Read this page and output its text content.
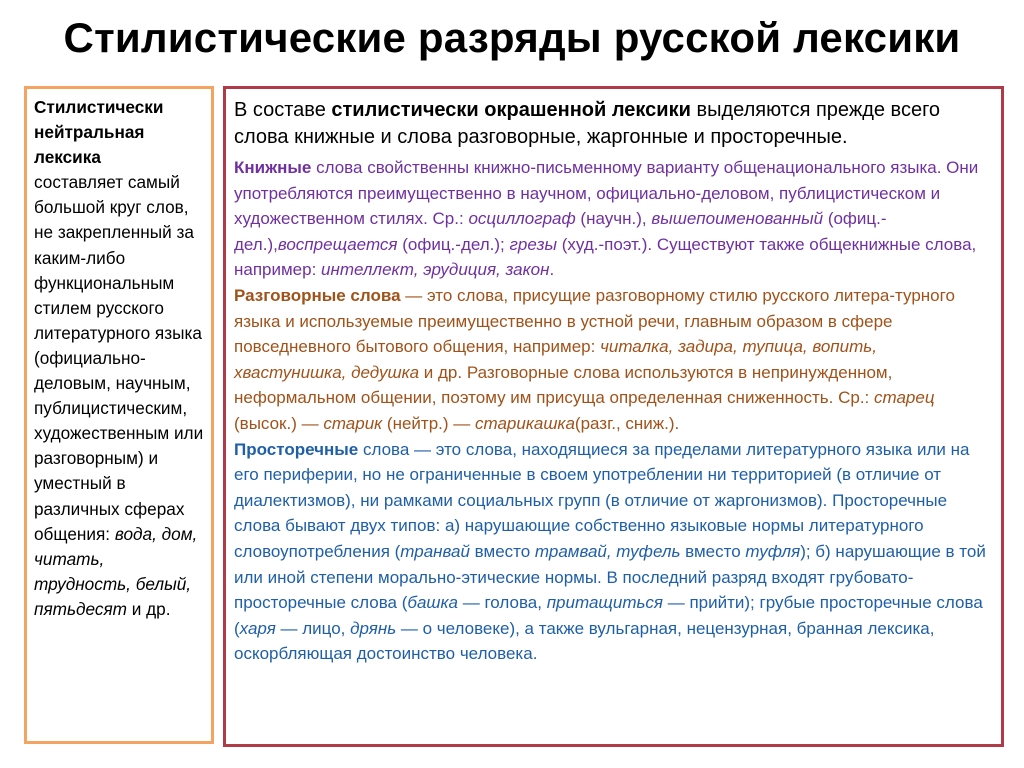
Стилистические разряды русской лексики
Стилистически нейтральная лексика
составляет самый большой круг слов, не закрепленный за каким-либо функциональным стилем русского литературного языка (официально-деловым, научным, публицистическим, художественным или разговорным) и уместный в различных сферах общения: вода, дом, читать, трудность, белый, пятьдесят и др.
В составе стилистически окрашенной лексики выделяются прежде всего слова книжные и слова разговорные, жаргонные и просторечные.
Книжные слова свойственны книжно-письменному варианту общенационального языка. Они употребляются преимущественно в научном, официально-деловом, публицистическом и художественном стилях. Ср.: осциллограф (научн.), вышепоименованный (офиц.-дел.),воспрещается (офиц.-дел.); грезы (худ.-поэт.). Существуют также общекнижные слова, например: интеллект, эрудиция, закон.
Разговорные слова — это слова, присущие разговорному стилю русского литера-турного языка и используемые преимущественно в устной речи, главным образом в сфере повседневного бытового общения, например: читалка, задира, тупица, вопить, хвастунишка, дедушка и др. Разговорные слова используются в непринужденном, неформальном общении, поэтому им присуща определенная сниженность. Ср.: старец (высок.) — старик (нейтр.) — старикашка(разг., сниж.).
Просторечные слова — это слова, находящиеся за пределами литературного языка или на его периферии, но не ограниченные в своем употреблении ни территорией (в отличие от диалектизмов), ни рамками социальных групп (в отличие от жаргонизмов). Просторечные слова бывают двух типов: а) нарушающие собственно языковые нормы литературного словоупотребления (транвай вместо трамвай, туфель вместо туфля); б) нарушающие в той или иной степени морально-этические нормы. В последний разряд входят грубовато-просторечные слова (башка — голова, притащиться — прийти); грубые просторечные слова (харя — лицо, дрянь — о человеке), а также вульгарная, нецензурная, бранная лексика, оскорбляющая достоинство человека.
